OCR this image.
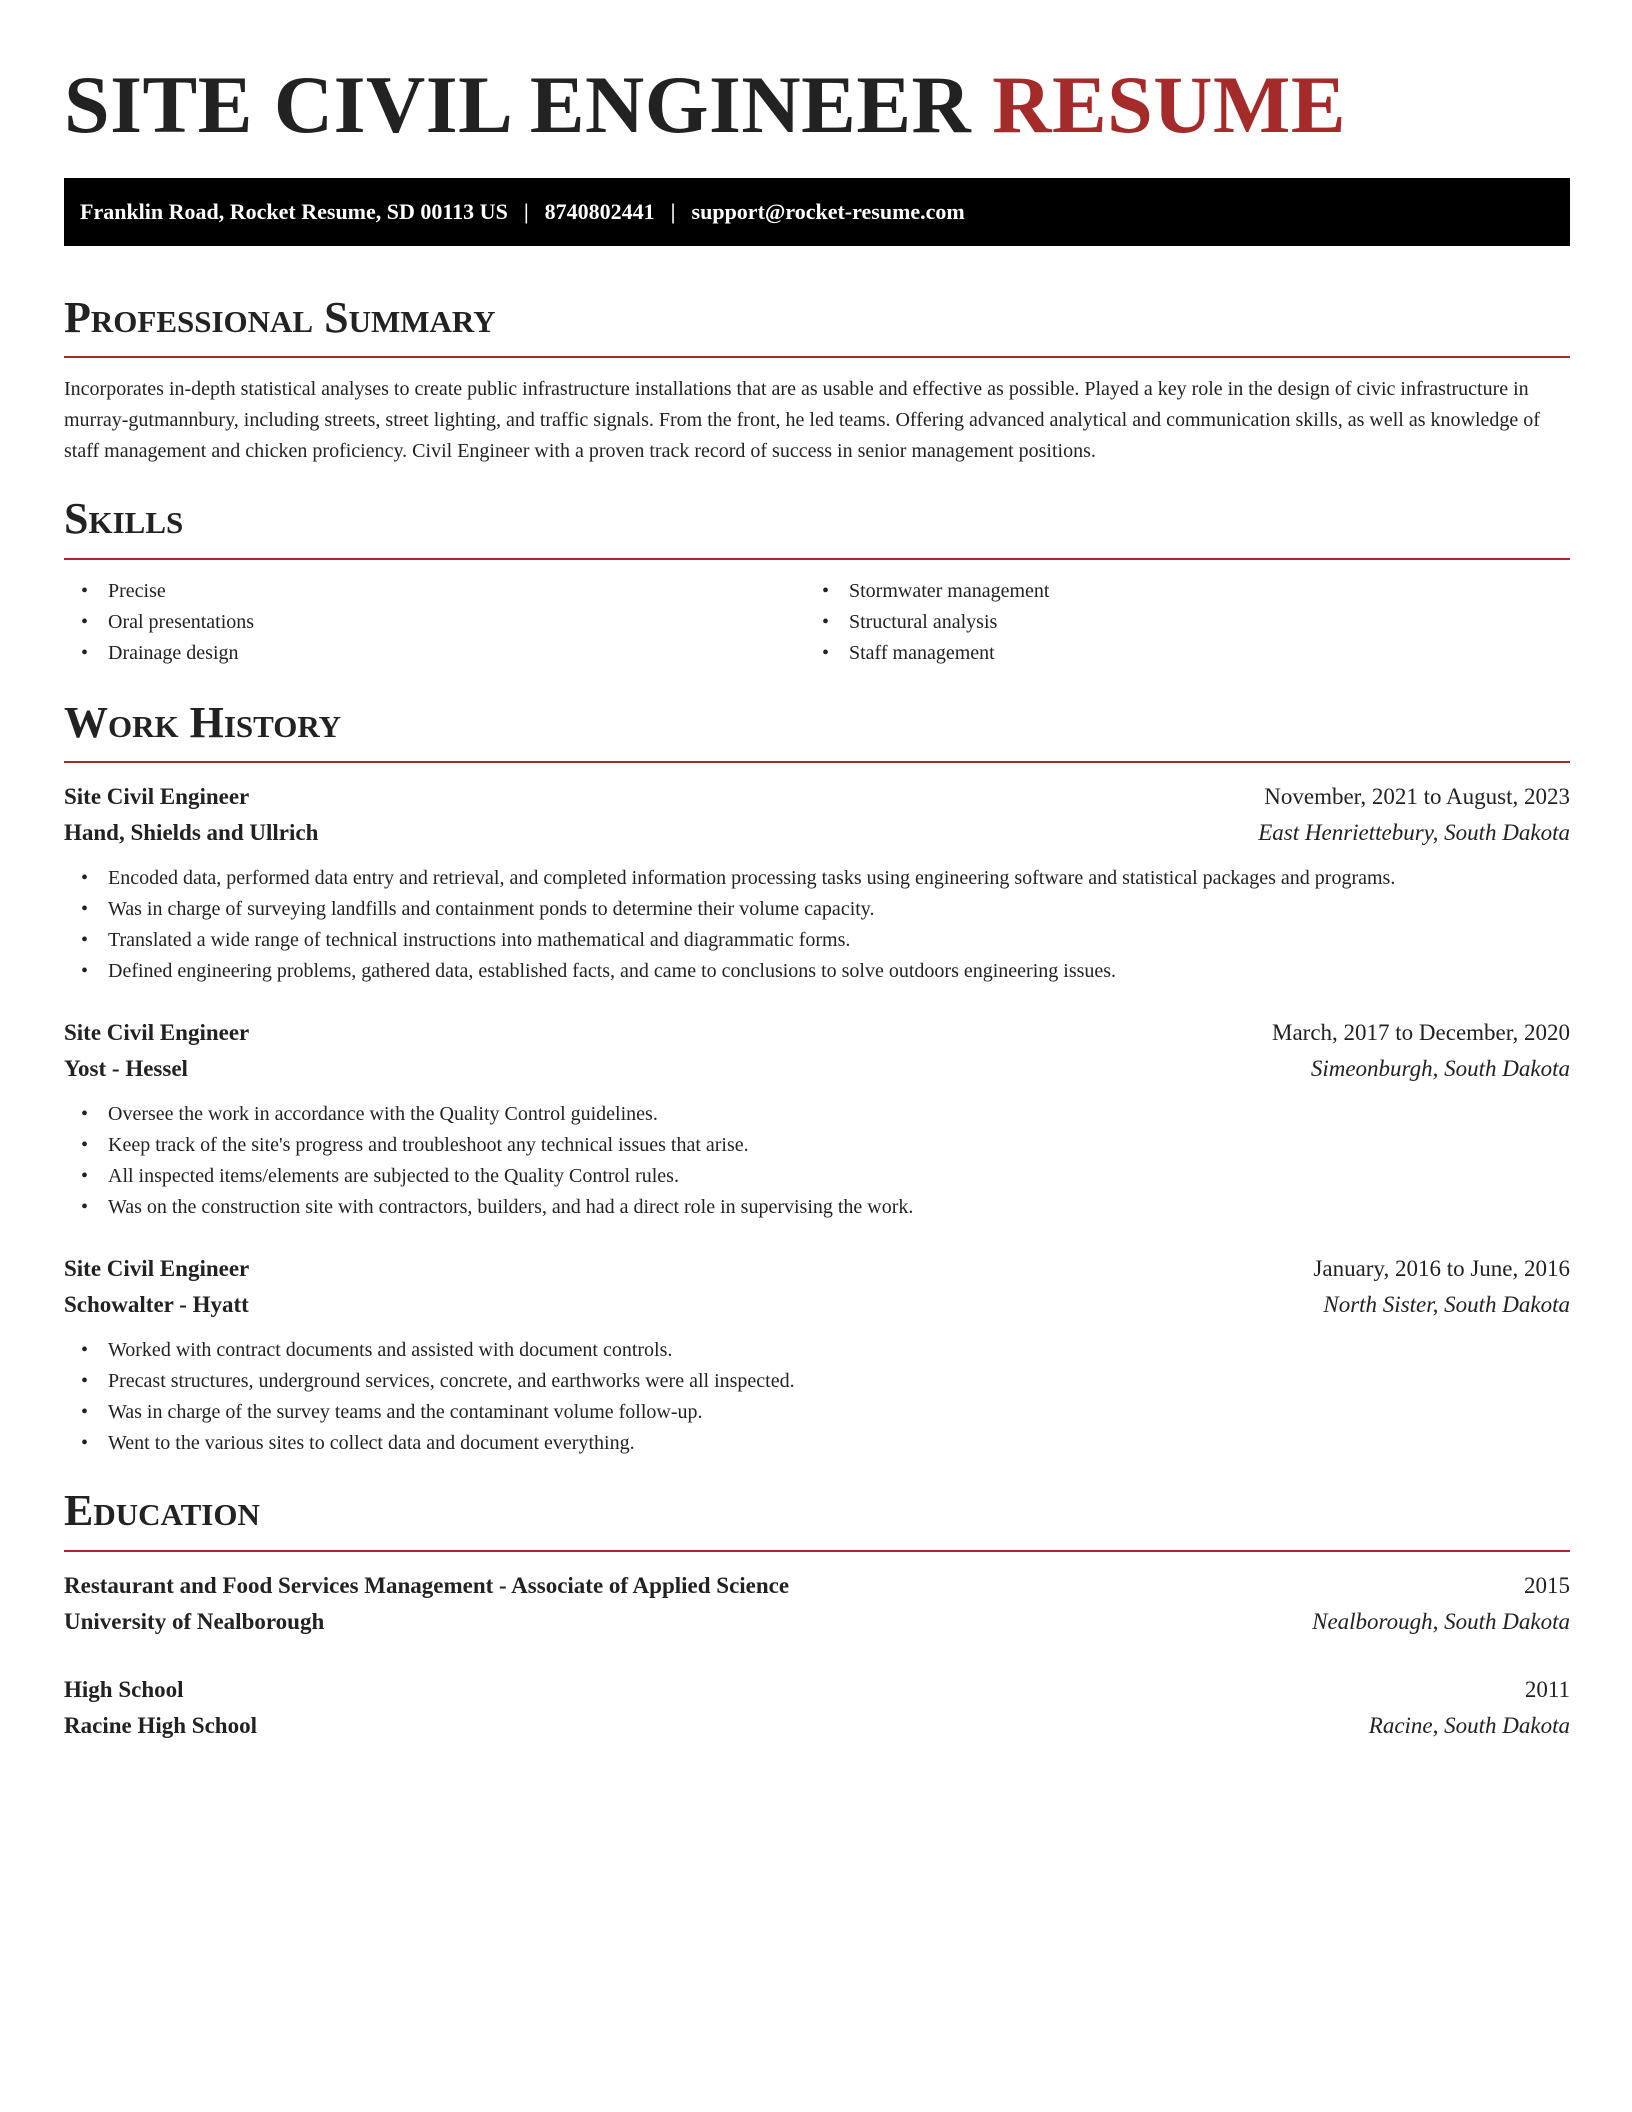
SITE CIVIL ENGINEER RESUME
Franklin Road, Rocket Resume, SD 00113 US | 8740802441 | support@rocket-resume.com
Professional Summary

Incorporates in-depth statistical analyses to create public infrastructure installations that are as usable and effective as possible. Played a key role in the design of civic infrastructure in murray-gutmannbury, including streets, street lighting, and traffic signals. From the front, he led teams. Offering advanced analytical and communication skills, as well as knowledge of staff management and chicken proficiency. Civil Engineer with a proven track record of success in senior management positions.

Skills
• Precise
• Oral presentations
• Drainage design
• Stormwater management
• Structural analysis
• Staff management
Work History
Site Civil Engineer	November, 2021 to August, 2023
Hand, Shields and Ullrich	East Henriettebury, South Dakota
• Encoded data, performed data entry and retrieval, and completed information processing tasks using engineering software and statistical packages and programs.
• Was in charge of surveying landfills and containment ponds to determine their volume capacity.
• Translated a wide range of technical instructions into mathematical and diagrammatic forms.
• Defined engineering problems, gathered data, established facts, and came to conclusions to solve outdoors engineering issues.
Site Civil Engineer	March, 2017 to December, 2020
Yost - Hessel	Simeonburgh, South Dakota
• Oversee the work in accordance with the Quality Control guidelines.
• Keep track of the site's progress and troubleshoot any technical issues that arise.
• All inspected items/elements are subjected to the Quality Control rules.
• Was on the construction site with contractors, builders, and had a direct role in supervising the work.
Site Civil Engineer	January, 2016 to June, 2016
Schowalter - Hyatt	North Sister, South Dakota
• Worked with contract documents and assisted with document controls.
• Precast structures, underground services, concrete, and earthworks were all inspected.
• Was in charge of the survey teams and the contaminant volume follow-up.
• Went to the various sites to collect data and document everything.
Education
Restaurant and Food Services Management - Associate of Applied Science	2015
University of Nealborough	Nealborough, South Dakota
High School	2011
Racine High School	Racine, South Dakota
